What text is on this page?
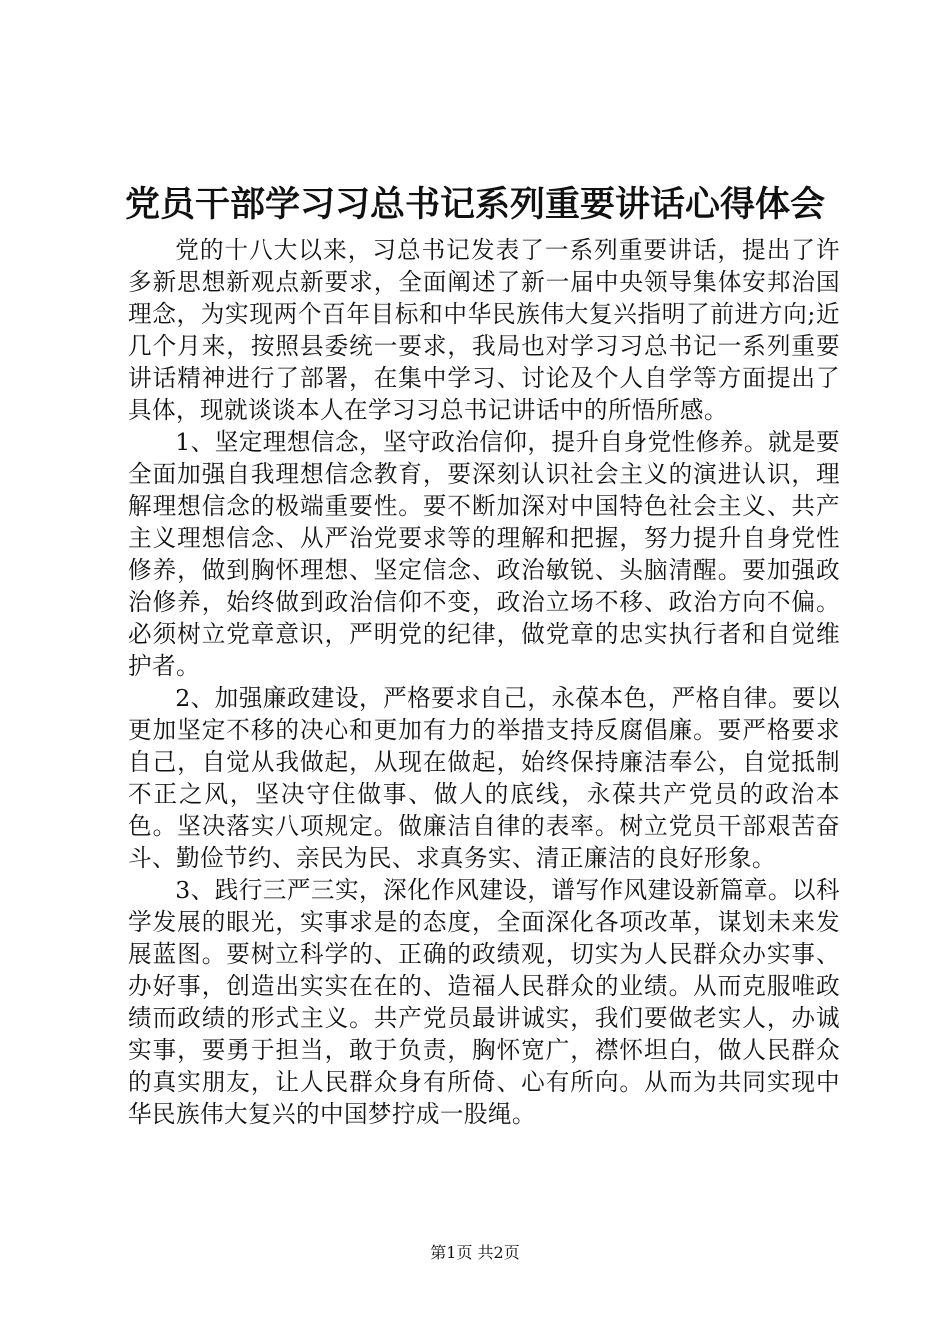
党员干部学习习总书记系列重要讲话心得体会

党的十八大以来，习总书记发表了一系列重要讲话，提出了许多新思想新观点新要求，全面阐述了新一届中央领导集体安邦治国理念，为实现两个百年目标和中华民族伟大复兴指明了前进方向;近几个月来，按照县委统一要求，我局也对学习习总书记一系列重要讲话精神进行了部署，在集中学习、讨论及个人自学等方面提出了具体，现就谈谈本人在学习习总书记讲话中的所悟所感。

1、坚定理想信念，坚守政治信仰，提升自身党性修养。就是要全面加强自我理想信念教育，要深刻认识社会主义的演进认识，理解理想信念的极端重要性。要不断加深对中国特色社会主义、共产主义理想信念、从严治党要求等的理解和把握，努力提升自身党性修养，做到胸怀理想、坚定信念、政治敏锐、头脑清醒。要加强政治修养，始终做到政治信仰不变，政治立场不移、政治方向不偏。必须树立党章意识，严明党的纪律，做党章的忠实执行者和自觉维护者。

2、加强廉政建设，严格要求自己，永葆本色，严格自律。要以更加坚定不移的决心和更加有力的举措支持反腐倡廉。要严格要求自己，自觉从我做起，从现在做起，始终保持廉洁奉公，自觉抵制不正之风，坚决守住做事、做人的底线，永葆共产党员的政治本色。坚决落实八项规定。做廉洁自律的表率。树立党员干部艰苦奋斗、勤俭节约、亲民为民、求真务实、清正廉洁的良好形象。

3、践行三严三实，深化作风建设，谱写作风建设新篇章。以科学发展的眼光，实事求是的态度，全面深化各项改革，谋划未来发展蓝图。要树立科学的、正确的政绩观，切实为人民群众办实事、办好事，创造出实实在在的、造福人民群众的业绩。从而克服唯政绩而政绩的形式主义。共产党员最讲诚实，我们要做老实人，办诚实事，要勇于担当，敢于负责，胸怀宽广，襟怀坦白，做人民群众的真实朋友，让人民群众身有所倚、心有所向。从而为共同实现中华民族伟大复兴的中国梦拧成一股绳。

第1页 共2页
